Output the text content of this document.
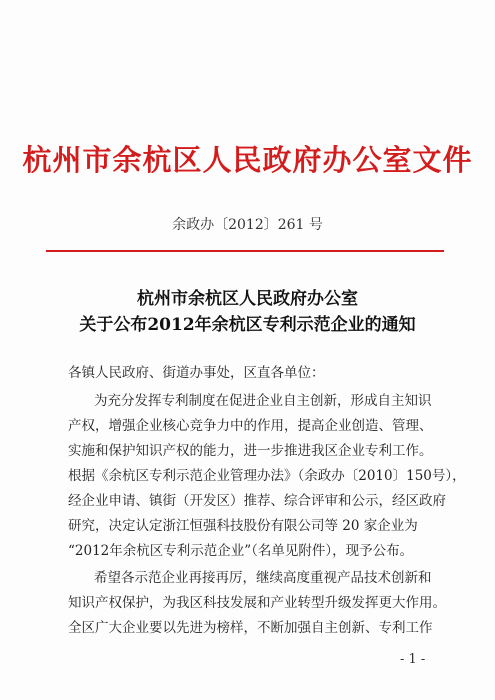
杭州市余杭区人民政府办公室文件
余政办〔2012〕261 号
杭州市余杭区人民政府办公室
关于公布2012年余杭区专利示范企业的通知
各镇人民政府、街道办事处，区直各单位：
为充分发挥专利制度在促进企业自主创新，形成自主知识
产权，增强企业核心竞争力中的作用，提高企业创造、管理、
实施和保护知识产权的能力，进一步推进我区企业专利工作。
根据《余杭区专利示范企业管理办法》（余政办〔2010〕150号），
经企业申请、镇街（开发区）推荐、综合评审和公示，经区政府
研究，决定认定浙江恒强科技股份有限公司等 20 家企业为
“2012年余杭区专利示范企业”（名单见附件），现予公布。
希望各示范企业再接再厉，继续高度重视产品技术创新和
知识产权保护，为我区科技发展和产业转型升级发挥更大作用。
全区广大企业要以先进为榜样，不断加强自主创新、专利工作
- 1 -
